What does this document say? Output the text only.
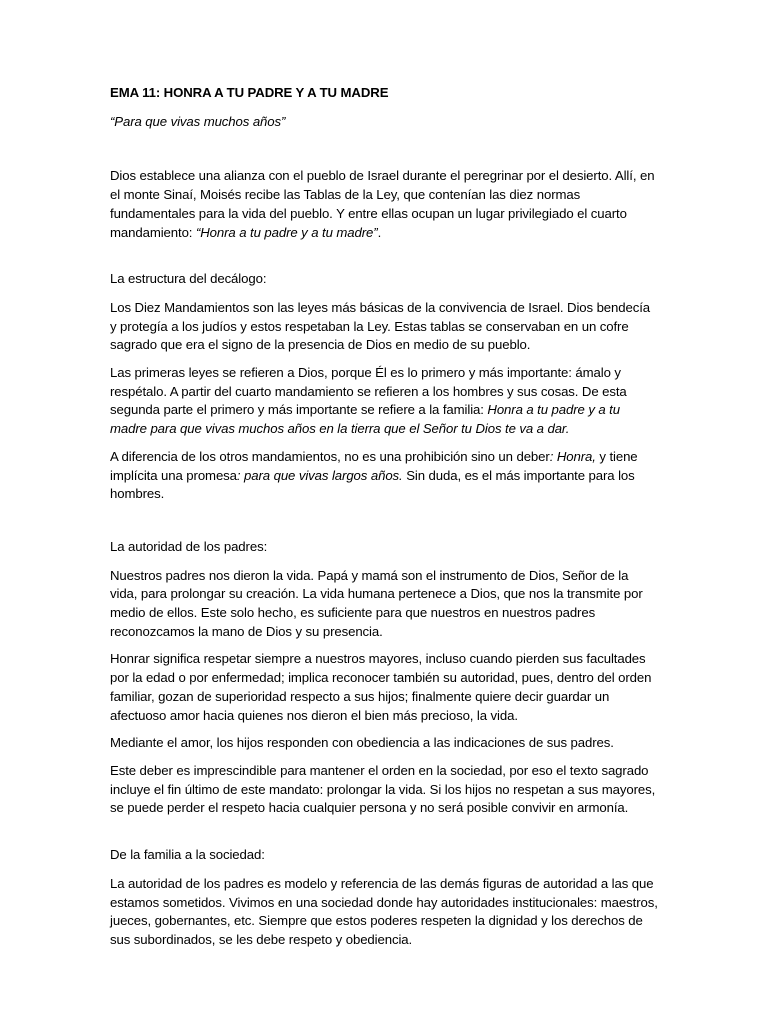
EMA 11: HONRA A TU PADRE Y A TU MADRE

“Para que vivas muchos años”

Dios establece una alianza con el pueblo de Israel durante el peregrinar por el desierto. Allí, en el monte Sinaí, Moisés recibe las Tablas de la Ley, que contenían las diez normas fundamentales para la vida del pueblo. Y entre ellas ocupan un lugar privilegiado el cuarto mandamiento: “Honra a tu padre y a tu madre”.

La estructura del decálogo:

Los Diez Mandamientos son las leyes más básicas de la convivencia de Israel. Dios bendecía y protegía a los judíos y estos respetaban la Ley. Estas tablas se conservaban en un cofre sagrado que era el signo de la presencia de Dios en medio de su pueblo.

Las primeras leyes se refieren a Dios, porque Él es lo primero y más importante: ámalo y respétalo. A partir del cuarto mandamiento se refieren a los hombres y sus cosas. De esta segunda parte el primero y más importante se refiere a la familia: Honra a tu padre y a tu madre para que vivas muchos años en la tierra que el Señor tu Dios te va a dar.

A diferencia de los otros mandamientos, no es una prohibición sino un deber: Honra, y tiene implícita una promesa: para que vivas largos años. Sin duda, es el más importante para los hombres.

La autoridad de los padres:

Nuestros padres nos dieron la vida. Papá y mamá son el instrumento de Dios, Señor de la vida, para prolongar su creación. La vida humana pertenece a Dios, que nos la transmite por medio de ellos. Este solo hecho, es suficiente para que nuestros en nuestros padres reconozcamos la mano de Dios y su presencia.

Honrar significa respetar siempre a nuestros mayores, incluso cuando pierden sus facultades por la edad o por enfermedad; implica reconocer también su autoridad, pues, dentro del orden familiar, gozan de superioridad respecto a sus hijos; finalmente quiere decir guardar un afectuoso amor hacia quienes nos dieron el bien más precioso, la vida.

Mediante el amor, los hijos responden con obediencia a las indicaciones de sus padres.

Este deber es imprescindible para mantener el orden en la sociedad, por eso el texto sagrado incluye el fin último de este mandato: prolongar la vida. Si los hijos no respetan a sus mayores, se puede perder el respeto hacia cualquier persona y no será posible convivir en armonía.

De la familia a la sociedad:

La autoridad de los padres es modelo y referencia de las demás figuras de autoridad a las que estamos sometidos. Vivimos en una sociedad donde hay autoridades institucionales: maestros, jueces, gobernantes, etc. Siempre que estos poderes respeten la dignidad y los derechos de sus subordinados, se les debe respeto y obediencia.
